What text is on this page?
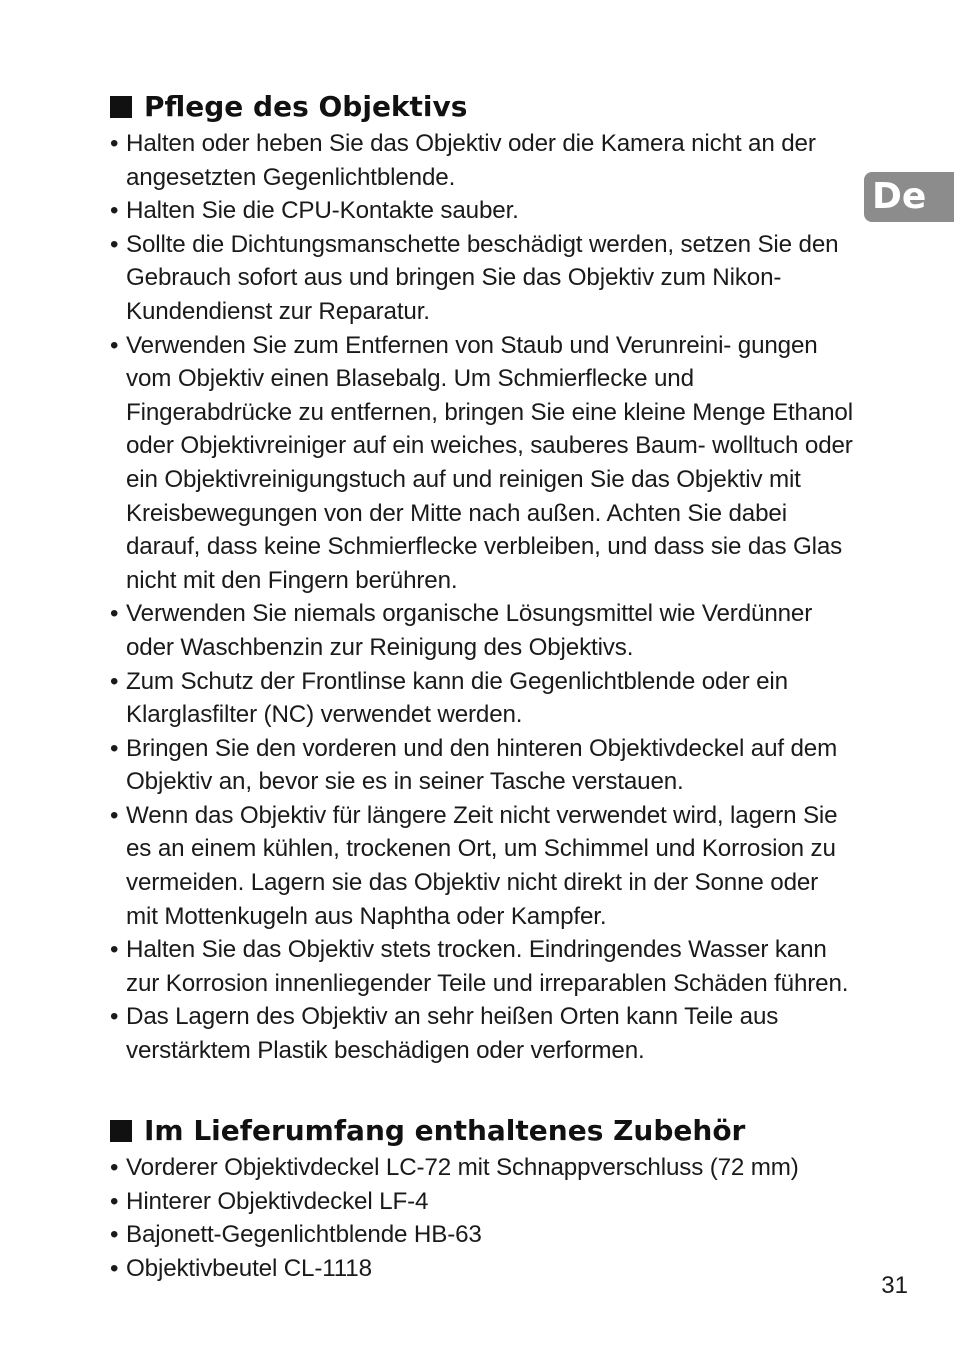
De
Pflege des Objektivs
• Halten oder heben Sie das Objektiv oder die Kamera nicht an der angesetzten Gegenlichtblende.
• Halten Sie die CPU-Kontakte sauber.
• Sollte die Dichtungsmanschette beschädigt werden, setzen Sie den Gebrauch sofort aus und bringen Sie das Objektiv zum Nikon-Kundendienst zur Reparatur.
• Verwenden Sie zum Entfernen von Staub und Verunreini- gungen vom Objektiv einen Blasebalg. Um Schmierflecke und Fingerabdrücke zu entfernen, bringen Sie eine kleine Menge Ethanol oder Objektivreiniger auf ein weiches, sauberes Baum- wolltuch oder ein Objektivreinigungstuch auf und reinigen Sie das Objektiv mit Kreisbewegungen von der Mitte nach außen. Achten Sie dabei darauf, dass keine Schmierflecke verbleiben, und dass sie das Glas nicht mit den Fingern berühren.
• Verwenden Sie niemals organische Lösungsmittel wie Verdünner oder Waschbenzin zur Reinigung des Objektivs.
• Zum Schutz der Frontlinse kann die Gegenlichtblende oder ein Klarglasfilter (NC) verwendet werden.
• Bringen Sie den vorderen und den hinteren Objektivdeckel auf dem Objektiv an, bevor sie es in seiner Tasche verstauen.
• Wenn das Objektiv für längere Zeit nicht verwendet wird, lagern Sie es an einem kühlen, trockenen Ort, um Schimmel und Korrosion zu vermeiden. Lagern sie das Objektiv nicht direkt in der Sonne oder mit Mottenkugeln aus Naphtha oder Kampfer.
• Halten Sie das Objektiv stets trocken. Eindringendes Wasser kann zur Korrosion innenliegender Teile und irreparablen Schäden führen.
• Das Lagern des Objektiv an sehr heißen Orten kann Teile aus verstärktem Plastik beschädigen oder verformen.
Im Lieferumfang enthaltenes Zubehör
• Vorderer Objektivdeckel LC-72 mit Schnappverschluss (72 mm)
• Hinterer Objektivdeckel LF-4
• Bajonett-Gegenlichtblende HB-63
• Objektivbeutel CL-1118
31
